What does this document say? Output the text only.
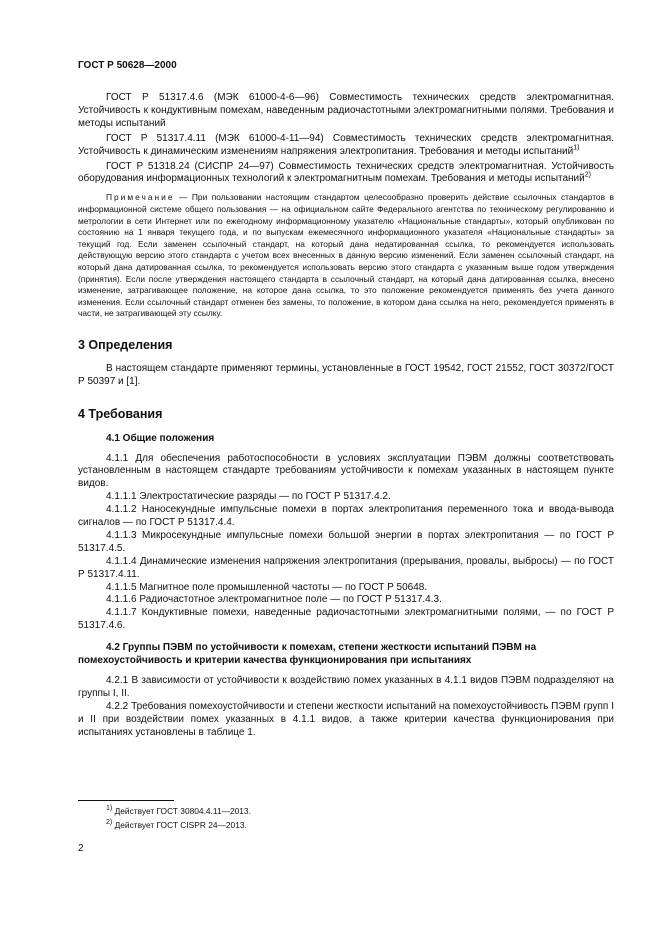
ГОСТ Р 50628—2000

ГОСТ Р 51317.4.6 (МЭК 61000-4-6—96) Совместимость технических средств электромагнитная. Устойчивость к кондуктивным помехам, наведенным радиочастотными электромагнитными полями. Требования и методы испытаний

ГОСТ Р 51317.4.11 (МЭК 61000-4-11—94) Совместимость технических средств электромагнитная. Устойчивость к динамическим изменениям напряжения электропитания. Требования и методы испытаний$^{1)}$

ГОСТ Р 51318.24 (СИСПР 24—97) Совместимость технических средств электромагнитная. Устойчивость оборудования информационных технологий к электромагнитным помехам. Требования и методы испытаний$^{2)}$

Примечание — При пользовании настоящим стандартом целесообразно проверить действие ссылочных стандартов в информационной системе общего пользования — на официальном сайте Федерального агентства по техническому регулированию и метрологии в сети Интернет или по ежегодному информационному указателю «Национальные стандарты», который опубликован по состоянию на 1 января текущего года, и по выпускам ежемесячного информационного указателя «Национальные стандарты» за текущий год. Если заменен ссылочный стандарт, на который дана недатированная ссылка, то рекомендуется использовать действующую версию этого стандарта с учетом всех внесенных в данную версию изменений. Если заменен ссылочный стандарт, на который дана датированная ссылка, то рекомендуется использовать версию этого стандарта с указанным выше годом утверждения (принятия). Если после утверждения настоящего стандарта в ссылочный стандарт, на который дана датированная ссылка, внесено изменение, затрагивающее положение, на которое дана ссылка, то это положение рекомендуется применять без учета данного изменения. Если ссылочный стандарт отменен без замены, то положение, в котором дана ссылка на него, рекомендуется применять в части, не затрагивающей эту ссылку.

3 Определения

В настоящем стандарте применяют термины, установленные в ГОСТ 19542, ГОСТ 21552, ГОСТ 30372/ГОСТ Р 50397 и [1].

4 Требования
4.1 Общие положения

4.1.1 Для обеспечения работоспособности в условиях эксплуатации ПЭВМ должны соответствовать установленным в настоящем стандарте требованиям устойчивости к помехам указанных в настоящем пункте видов.

4.1.1.1 Электростатические разряды — по ГОСТ Р 51317.4.2.

4.1.1.2 Наносекундные импульсные помехи в портах электропитания переменного тока и ввода-вывода сигналов — по ГОСТ Р 51317.4.4.

4.1.1.3 Микросекундные импульсные помехи большой энергии в портах электропитания — по ГОСТ Р 51317.4.5.

4.1.1.4 Динамические изменения напряжения электропитания (прерывания, провалы, выбросы) — по ГОСТ Р 51317.4.11.

4.1.1.5 Магнитное поле промышленной частоты — по ГОСТ Р 50648.

4.1.1.6 Радиочастотное электромагнитное поле — по ГОСТ Р 51317.4.3.

4.1.1.7 Кондуктивные помехи, наведенные радиочастотными электромагнитными полями, — по ГОСТ Р 51317.4.6.

4.2 Группы ПЭВМ по устойчивости к помехам, степени жесткости испытаний ПЭВМ на помехоустойчивость и критерии качества функционирования при испытаниях

4.2.1 В зависимости от устойчивости к воздействию помех указанных в 4.1.1 видов ПЭВМ подразделяют на группы I, II.

4.2.2 Требования помехоустойчивости и степени жесткости испытаний на помехоустойчивость ПЭВМ групп I и II при воздействии помех указанных в 4.1.1 видов, а также критерии качества функционирования при испытаниях установлены в таблице 1.

$^{1)}$ Действует ГОСТ 30804.4.11—2013.
$^{2)}$ Действует ГОСТ CISPR 24—2013.
2
